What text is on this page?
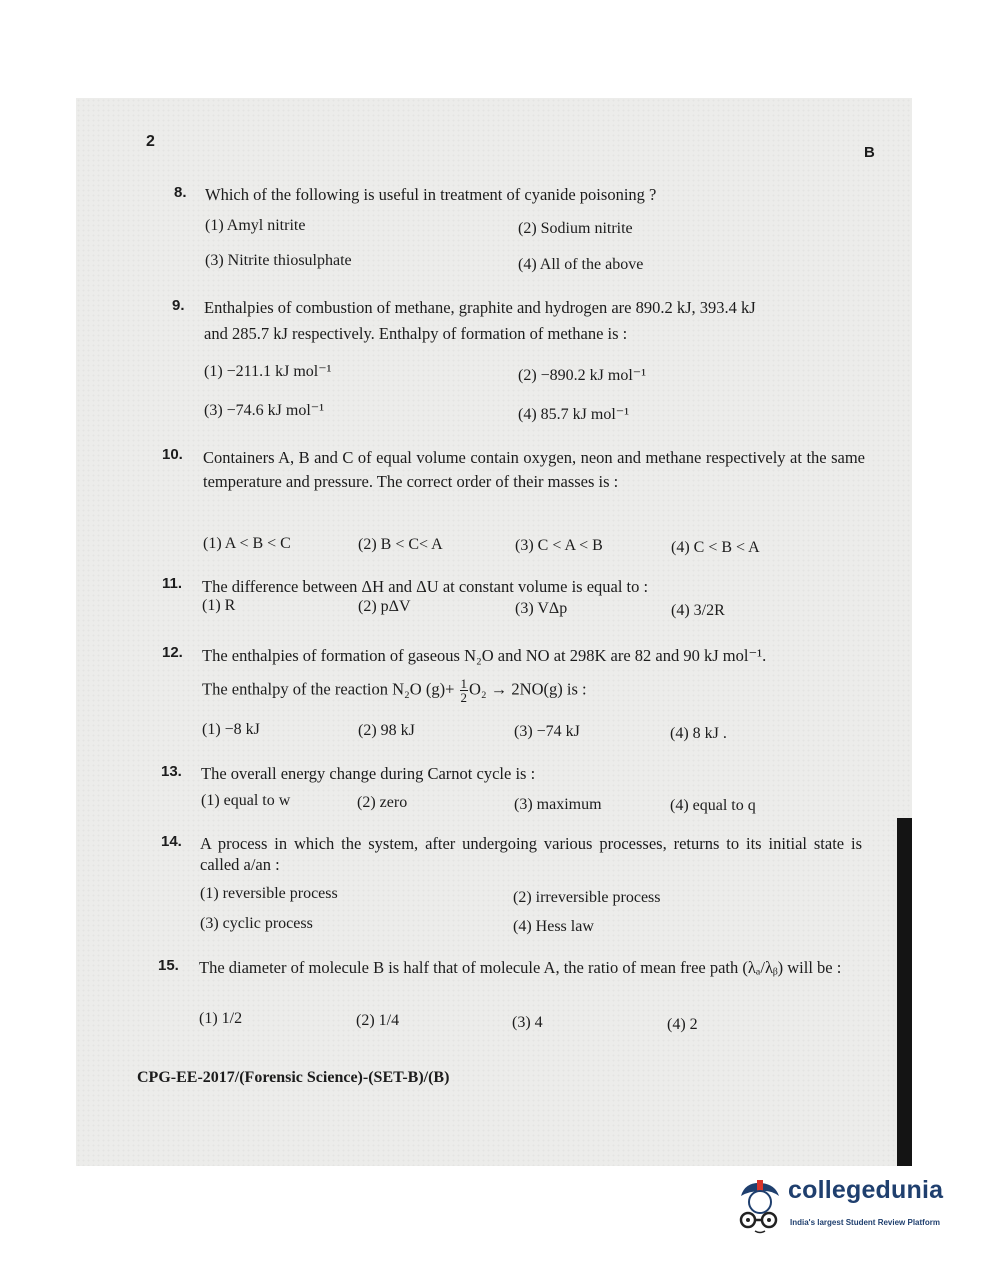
2
B
8. Which of the following is useful in treatment of cyanide poisoning ?
(1) Amyl nitrite	(2) Sodium nitrite
(3) Nitrite thiosulphate	(4) All of the above
9. Enthalpies of combustion of methane, graphite and hydrogen are 890.2 kJ, 393.4 kJ
and 285.7 kJ respectively. Enthalpy of formation of methane is :
(1) −211.1 kJ mol⁻¹	(2) −890.2 kJ mol⁻¹
(3) −74.6 kJ mol⁻¹	(4) 85.7 kJ mol⁻¹
10. Containers A, B and C of equal volume contain oxygen, neon and methane respectively at the same temperature and pressure. The correct order of their masses is :
(1) A < B < C	(2) B < C< A	(3) C < A < B	(4) C < B < A
11. The difference between ΔH and ΔU at constant volume is equal to :
(1) R	(2) pΔV	(3) VΔp	(4) 3/2R
12. The enthalpies of formation of gaseous N₂O and NO at 298K are 82 and 90 kJ mol⁻¹.
The enthalpy of the reaction N₂O $(g)+ \frac{1}{2} O_2 \to 2NO(g)$ is :
(1) −8 kJ	(2) 98 kJ	(3) −74 kJ	(4) 8 kJ .
13. The overall energy change during Carnot cycle is :
(1) equal to w	(2) zero	(3) maximum	(4) equal to q
14. A process in which the system, after undergoing various processes, returns to its initial state is called a/an :
(1) reversible process	(2) irreversible process
(3) cyclic process	(4) Hess law
15. The diameter of molecule B is half that of molecule A, the ratio of mean free path (λₐ/λᵦ) will be :
(1) 1/2	(2) 1/4	(3) 4	(4) 2
CPG-EE-2017/(Forensic Science)-(SET-B)/(B)
collegedunia
India's largest Student Review Platform
